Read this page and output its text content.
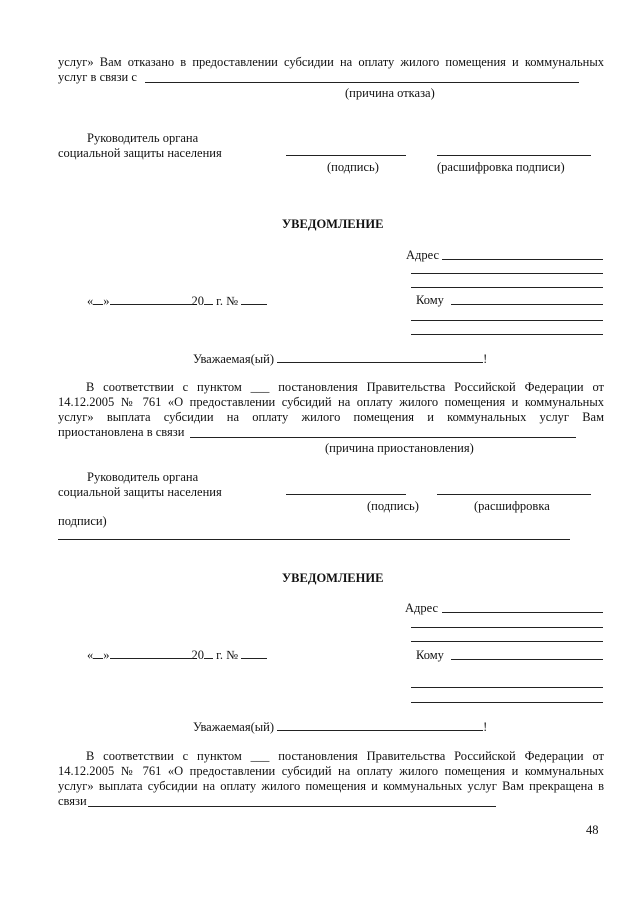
услуг» Вам отказано в предоставлении субсидии на оплату жилого помещения и коммунальных
услуг в связи с
(причина отказа)
Руководитель органа
социальной защиты населения
(подпись)	(расшифровка подписи)
УВЕДОМЛЕНИЕ
Адрес
« »	20 г. №	Кому
Уважаемая(ый)	!
В соответствии с пунктом ___ постановления Правительства Российской Федерации от
14.12.2005 № 761 «О предоставлении субсидий на оплату жилого помещения и коммунальных
услуг» выплата субсидии на оплату жилого помещения и коммунальных услуг Вам
приостановлена в связи
(причина приостановления)
Руководитель органа
социальной защиты населения
(подпись)	(расшифровка
подписи)
УВЕДОМЛЕНИЕ
Адрес
« »	20 г. №	Кому
Уважаемая(ый)	!
В соответствии с пунктом ___ постановления Правительства Российской Федерации от
14.12.2005 № 761 «О предоставлении субсидий на оплату жилого помещения и коммунальных
услуг» выплата субсидии на оплату жилого помещения и коммунальных услуг Вам прекращена в
связи
48
